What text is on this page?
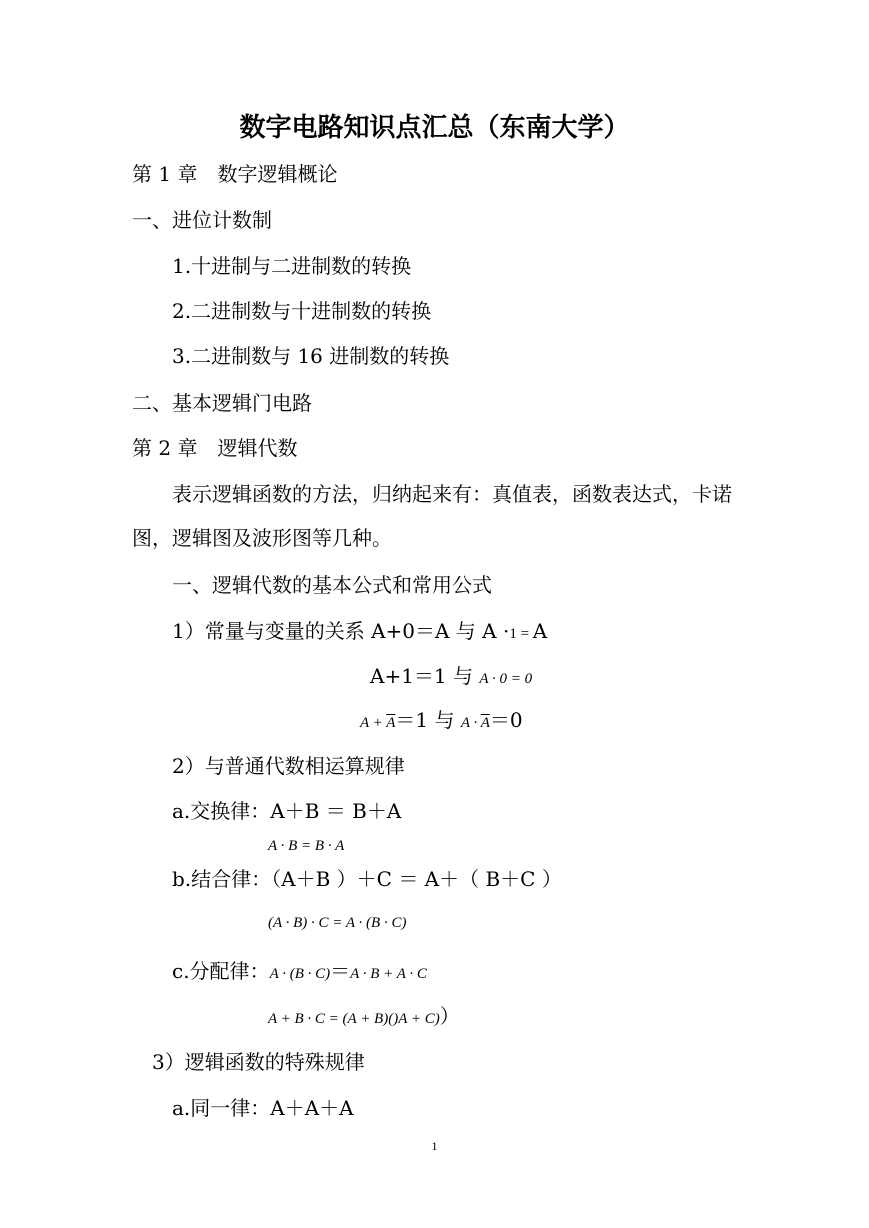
数字电路知识点汇总（东南大学）
第 1 章　数字逻辑概论
一、进位计数制
1.十进制与二进制数的转换
2.二进制数与十进制数的转换
3.二进制数与 16 进制数的转换
二、基本逻辑门电路
第 2 章　逻辑代数
表示逻辑函数的方法，归纳起来有：真值表，函数表达式，卡诺
图，逻辑图及波形图等几种。
一、逻辑代数的基本公式和常用公式
1）常量与变量的关系 A+0＝A 与 A ·1 = A
A+1＝1 与 A · 0 = 0
$A + \overline{A}=1$ 与 $A \cdot \overline{A}=0$
2）与普通代数相运算规律
a.交换律：A＋B ＝ B＋A
A · B = B · A
b.结合律：（A＋B ）＋C ＝ A＋（ B＋C ）
(A · B) · C = A · (B · C)
c.分配律：A · (B · C)＝A · B + A · C
A + B · C = (A + B)()A + C)）
3）逻辑函数的特殊规律
a.同一律：A＋A＋A
1
